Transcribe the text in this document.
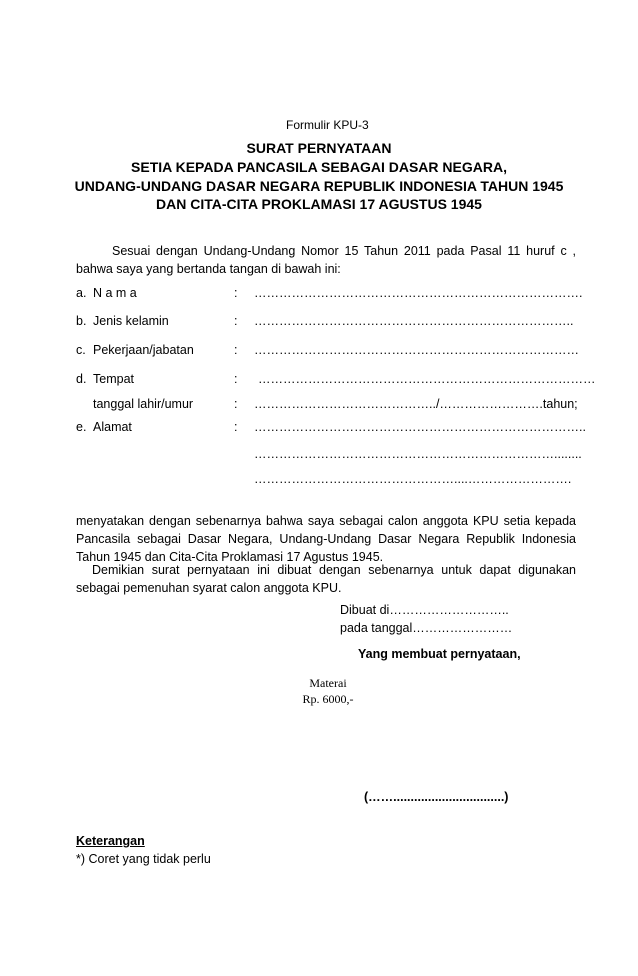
Formulir KPU-3
SURAT PERNYATAAN
SETIA KEPADA PANCASILA SEBAGAI DASAR NEGARA,
UNDANG-UNDANG DASAR NEGARA REPUBLIK INDONESIA TAHUN 1945
DAN CITA-CITA PROKLAMASI 17 AGUSTUS 1945
Sesuai dengan Undang-Undang Nomor 15 Tahun 2011 pada Pasal 11 huruf c , bahwa saya yang bertanda tangan di bawah ini:
a. N a m a	: …………………………………………………………………….
b. Jenis kelamin	: …………………………………………………………………..
c. Pekerjaan/jabatan	: ……………………………………………………………………
d. Tempat	: ………………………………………………………………………
tanggal lahir/umur	: ……………………………………../…………………….tahun;
e. Alamat	: ……………………………………………………………………..
………………………………………………………………........
…………………………………………....…………………….
menyatakan dengan sebenarnya bahwa saya sebagai calon anggota KPU setia kepada Pancasila sebagai Dasar Negara, Undang-Undang Dasar Negara Republik Indonesia Tahun 1945 dan Cita-Cita Proklamasi 17 Agustus 1945.
Demikian surat pernyataan ini dibuat dengan sebenarnya untuk dapat digunakan sebagai pemenuhan syarat calon anggota KPU.
Dibuat di………………………..
pada tanggal……………………
Yang membuat pernyataan,
Materai
Rp. 6000,-
(……................................)
Keterangan
*) Coret yang tidak perlu
